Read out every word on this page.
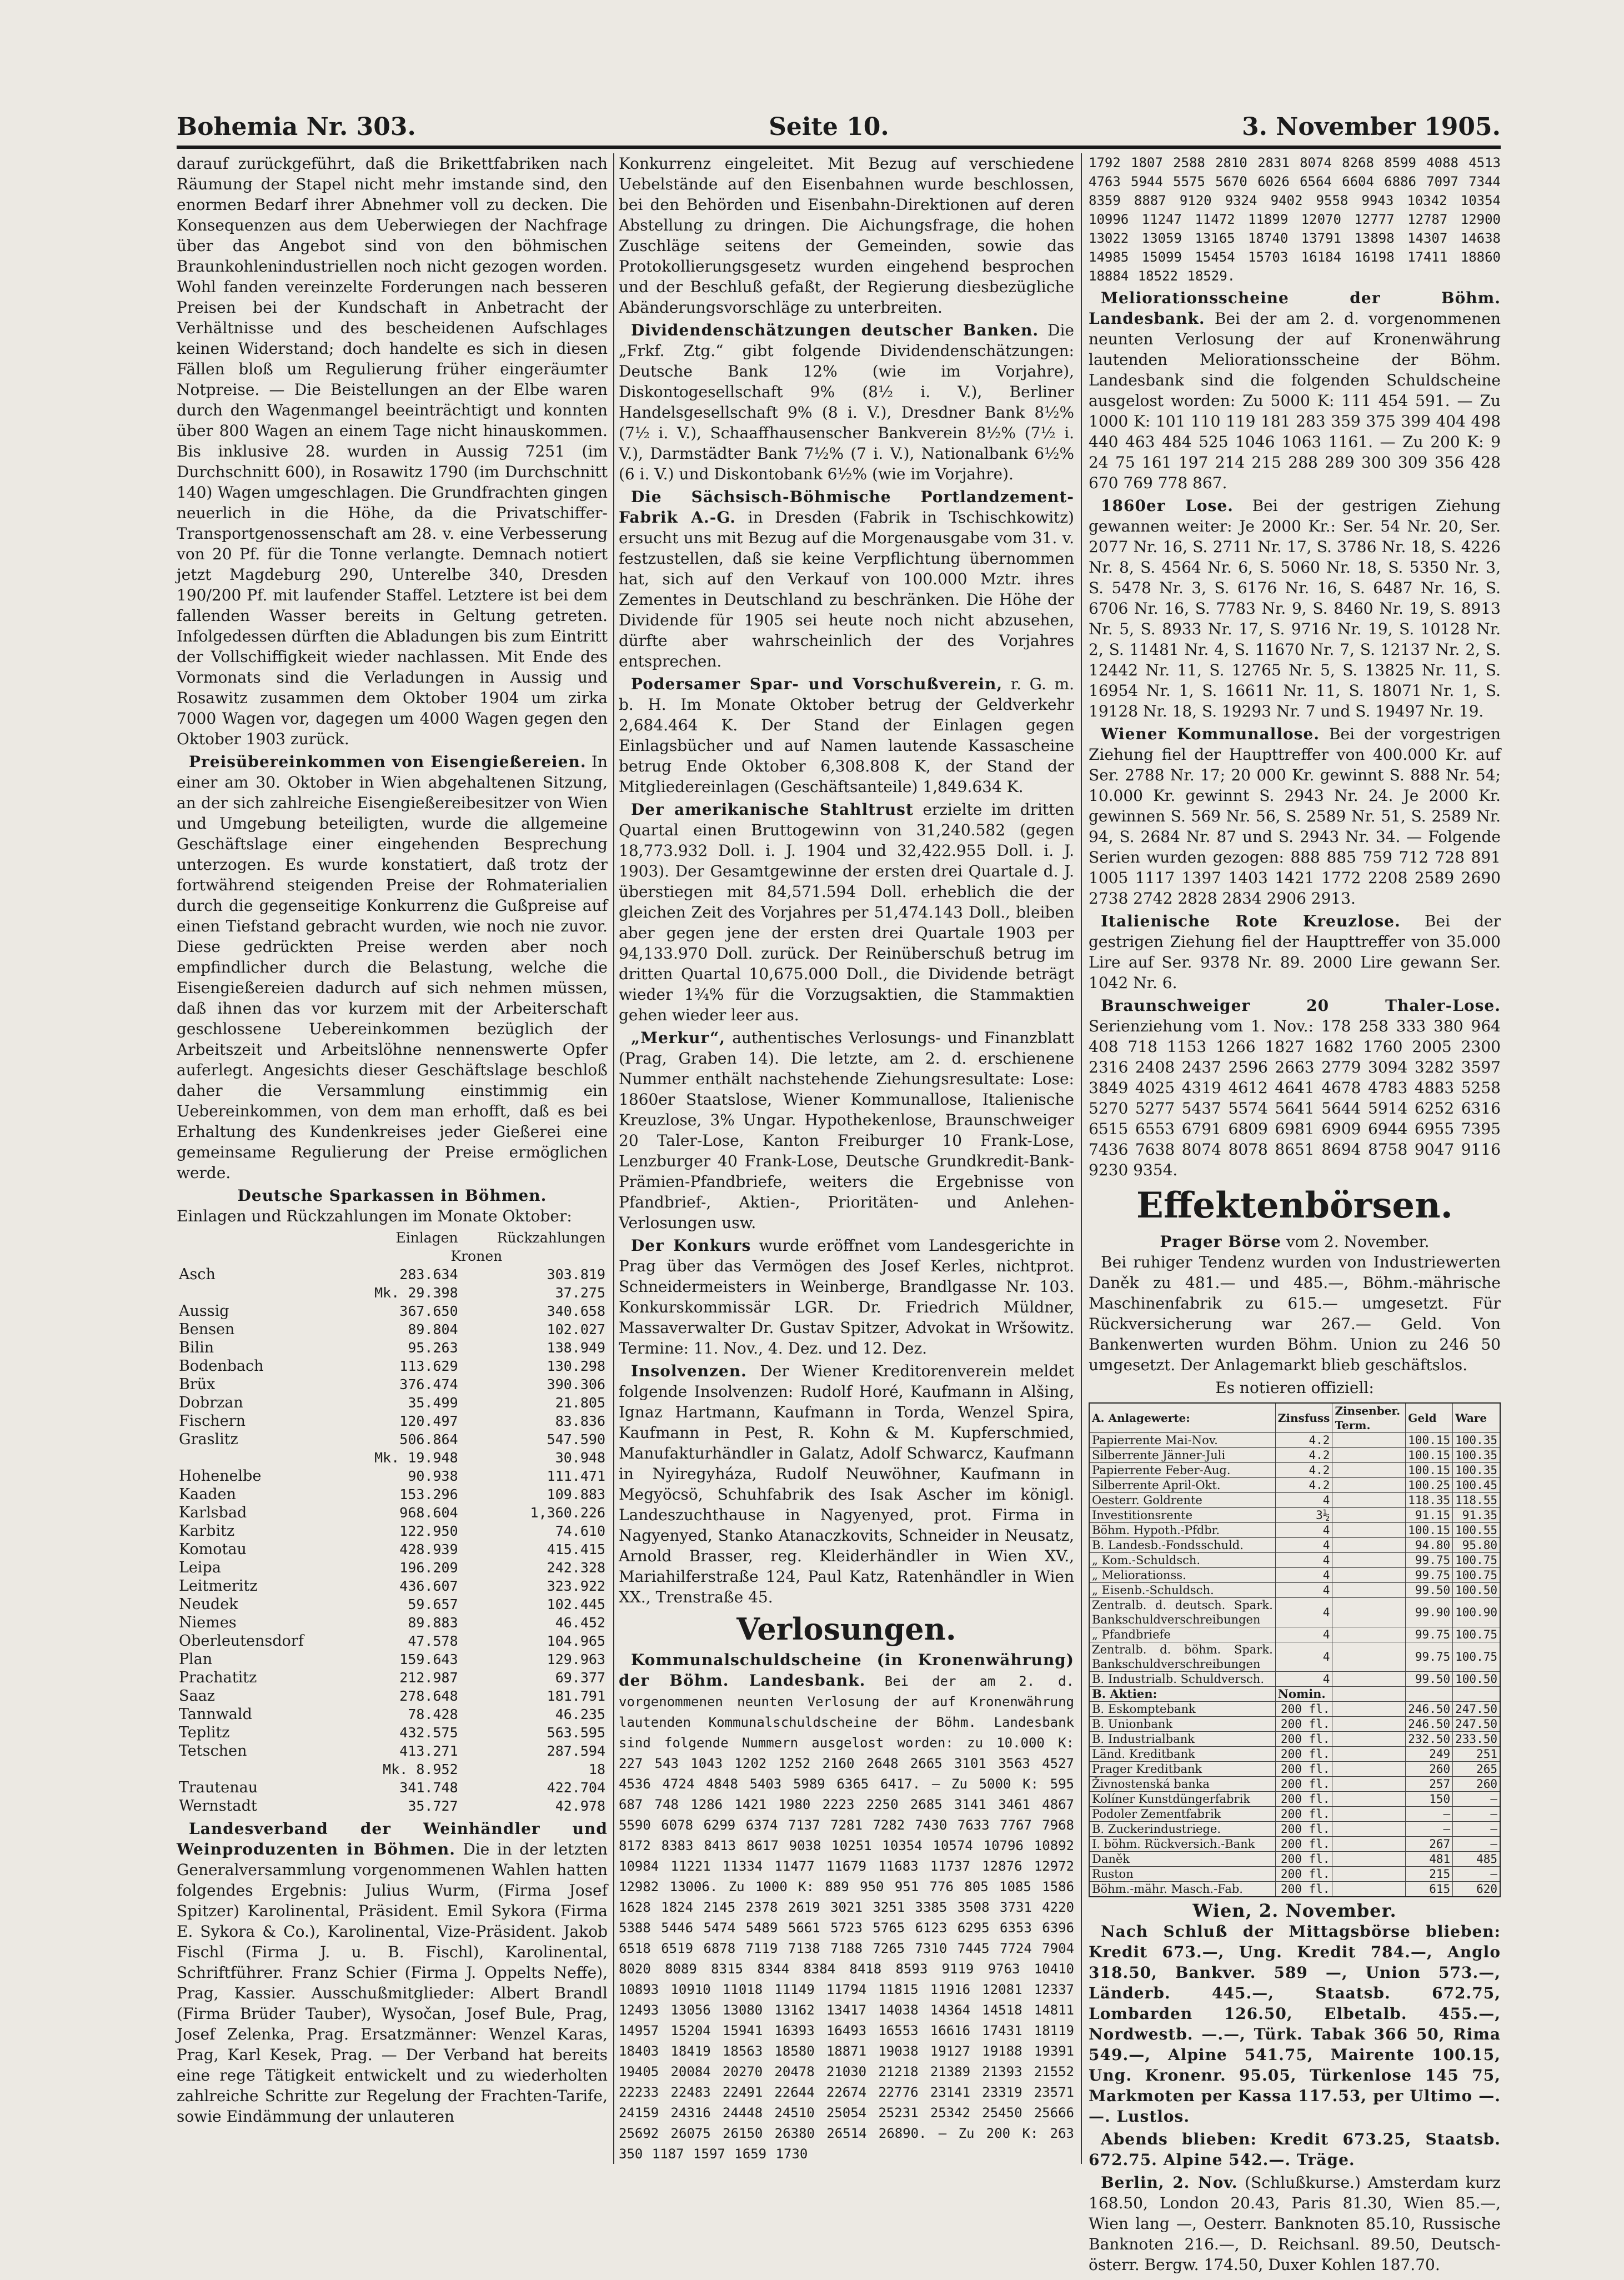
Bohemia Nr. 303.	Seite 10.	3. November 1905.

darauf zurückgeführt, daß die Brikettfabriken nach Räumung der Stapel nicht mehr imstande sind, den enormen Bedarf ihrer Abnehmer voll zu decken. Die Konsequenzen aus dem Ueberwiegen der Nachfrage über das Angebot sind von den böhmischen Braunkohlenindustriellen noch nicht gezogen worden. Wohl fanden vereinzelte Forderungen nach besseren Preisen bei der Kundschaft in Anbetracht der Verhältnisse und des bescheidenen Aufschlages keinen Widerstand; doch handelte es sich in diesen Fällen bloß um Regulierung früher eingeräumter Notpreise. — Die Beistellungen an der Elbe waren durch den Wagenmangel beeinträchtigt und konnten über 800 Wagen an einem Tage nicht hinauskommen. Bis inklusive 28. wurden in Aussig 7251 (im Durchschnitt 600), in Rosawitz 1790 (im Durchschnitt 140) Wagen umgeschlagen. Die Grundfrachten gingen neuerlich in die Höhe, da die Privatschiffer-Transportgenossenschaft am 28. v. eine Verbesserung von 20 Pf. für die Tonne verlangte. Demnach notiert jetzt Magdeburg 290, Unterelbe 340, Dresden 190/200 Pf. mit laufender Staffel. Letztere ist bei dem fallenden Wasser bereits in Geltung getreten. Infolgedessen dürften die Abladungen bis zum Eintritt der Vollschiffigkeit wieder nachlassen. Mit Ende des Vormonats sind die Verladungen in Aussig und Rosawitz zusammen dem Oktober 1904 um zirka 7000 Wagen vor, dagegen um 4000 Wagen gegen den Oktober 1903 zurück.

Preisübereinkommen von Eisengießereien. In einer am 30. Oktober in Wien abgehaltenen Sitzung, an der sich zahlreiche Eisengießereibesitzer von Wien und Umgebung beteiligten, wurde die allgemeine Geschäftslage einer eingehenden Besprechung unterzogen. Es wurde konstatiert, daß trotz der fortwährend steigenden Preise der Rohmaterialien durch die gegenseitige Konkurrenz die Gußpreise auf einen Tiefstand gebracht wurden, wie noch nie zuvor. Diese gedrückten Preise werden aber noch empfindlicher durch die Belastung, welche die Eisengießereien dadurch auf sich nehmen müssen, daß ihnen das vor kurzem mit der Arbeiterschaft geschlossene Uebereinkommen bezüglich der Arbeitszeit und Arbeitslöhne nennenswerte Opfer auferlegt. Angesichts dieser Geschäftslage beschloß daher die Versammlung einstimmig ein Uebereinkommen, von dem man erhofft, daß es bei Erhaltung des Kundenkreises jeder Gießerei eine gemeinsame Regulierung der Preise ermöglichen werde.

Deutsche Sparkassen in Böhmen.

Einlagen und Rückzahlungen im Monate Oktober:

	Einlagen	Rückzahlungen
	Kronen	
Asch	283.634	303.819
	Mk. 29.398	37.275
Aussig	367.650	340.658
Bensen	89.804	102.027
Bilin	95.263	138.949
Bodenbach	113.629	130.298
Brüx	376.474	390.306
Dobrzan	35.499	21.805
Fischern	120.497	83.836
Graslitz	506.864	547.590
	Mk. 19.948	30.948
Hohenelbe	90.938	111.471
Kaaden	153.296	109.883
Karlsbad	968.604	1,360.226
Karbitz	122.950	74.610
Komotau	428.939	415.415
Leipa	196.209	242.328
Leitmeritz	436.607	323.922
Neudek	59.657	102.445
Niemes	89.883	46.452
Oberleutensdorf	47.578	104.965
Plan	159.643	129.963
Prachatitz	212.987	69.377
Saaz	278.648	181.791
Tannwald	78.428	46.235
Teplitz	432.575	563.595
Tetschen	413.271	287.594
	Mk. 8.952	18
Trautenau	341.748	422.704
Wernstadt	35.727	42.978

Landesverband der Weinhändler und Weinproduzenten in Böhmen. Die in der letzten Generalversammlung vorgenommenen Wahlen hatten folgendes Ergebnis: Julius Wurm, (Firma Josef Spitzer) Karolinental, Präsident. Emil Sykora (Firma E. Sykora & Co.), Karolinental, Vize-Präsident. Jakob Fischl (Firma J. u. B. Fischl), Karolinental, Schriftführer. Franz Schier (Firma J. Oppelts Neffe), Prag, Kassier. Ausschußmitglieder: Albert Brandl (Firma Brüder Tauber), Wysočan, Josef Bule, Prag, Josef Zelenka, Prag. Ersatzmänner: Wenzel Karas, Prag, Karl Kesek, Prag. — Der Verband hat bereits eine rege Tätigkeit entwickelt und zu wiederholten zahlreiche Schritte zur Regelung der Frachten-Tarife, sowie Eindämmung der unlauteren

Konkurrenz eingeleitet. Mit Bezug auf verschiedene Uebelstände auf den Eisenbahnen wurde beschlossen, bei den Behörden und Eisenbahn-Direktionen auf deren Abstellung zu dringen. Die Aichungsfrage, die hohen Zuschläge seitens der Gemeinden, sowie das Protokollierungsgesetz wurden eingehend besprochen und der Beschluß gefaßt, der Regierung diesbezügliche Abänderungsvorschläge zu unterbreiten.

Dividendenschätzungen deutscher Banken. Die „Frkf. Ztg.“ gibt folgende Dividendenschätzungen: Deutsche Bank 12% (wie im Vorjahre), Diskontogesellschaft 9% (8½ i. V.), Berliner Handelsgesellschaft 9% (8 i. V.), Dresdner Bank 8½% (7½ i. V.), Schaaffhausenscher Bankverein 8½% (7½ i. V.), Darmstädter Bank 7½% (7 i. V.), Nationalbank 6½% (6 i. V.) und Diskontobank 6½% (wie im Vorjahre).

Die Sächsisch-Böhmische Portlandzement-Fabrik A.-G. in Dresden (Fabrik in Tschischkowitz) ersucht uns mit Bezug auf die Morgenausgabe vom 31. v. festzustellen, daß sie keine Verpflichtung übernommen hat, sich auf den Verkauf von 100.000 Mztr. ihres Zementes in Deutschland zu beschränken. Die Höhe der Dividende für 1905 sei heute noch nicht abzusehen, dürfte aber wahrscheinlich der des Vorjahres entsprechen.

Podersamer Spar- und Vorschußverein, r. G. m. b. H. Im Monate Oktober betrug der Geldverkehr 2,684.464 K. Der Stand der Einlagen gegen Einlagsbücher und auf Namen lautende Kassascheine betrug Ende Oktober 6,308.808 K, der Stand der Mitgliedereinlagen (Geschäftsanteile) 1,849.634 K.

Der amerikanische Stahltrust erzielte im dritten Quartal einen Bruttogewinn von 31,240.582 (gegen 18,773.932 Doll. i. J. 1904 und 32,422.955 Doll. i. J. 1903). Der Gesamtgewinne der ersten drei Quartale d. J. überstiegen mit 84,571.594 Doll. erheblich die der gleichen Zeit des Vorjahres per 51,474.143 Doll., bleiben aber gegen jene der ersten drei Quartale 1903 per 94,133.970 Doll. zurück. Der Reinüberschuß betrug im dritten Quartal 10,675.000 Doll., die Dividende beträgt wieder 1¾% für die Vorzugsaktien, die Stammaktien gehen wieder leer aus.

„Merkur“, authentisches Verlosungs- und Finanzblatt (Prag, Graben 14). Die letzte, am 2. d. erschienene Nummer enthält nachstehende Ziehungsresultate: Lose: 1860er Staatslose, Wiener Kommunallose, Italienische Kreuzlose, 3% Ungar. Hypothekenlose, Braunschweiger 20 Taler-Lose, Kanton Freiburger 10 Frank-Lose, Lenzburger 40 Frank-Lose, Deutsche Grundkredit-Bank-Prämien-Pfandbriefe, weiters die Ergebnisse von Pfandbrief-, Aktien-, Prioritäten- und Anlehen-Verlosungen usw.

Der Konkurs wurde eröffnet vom Landesgerichte in Prag über das Vermögen des Josef Kerles, nichtprot. Schneidermeisters in Weinberge, Brandlgasse Nr. 103. Konkurskommissär LGR. Dr. Friedrich Müldner, Massaverwalter Dr. Gustav Spitzer, Advokat in Wršowitz. Termine: 11. Nov., 4. Dez. und 12. Dez.

Insolvenzen. Der Wiener Kreditorenverein meldet folgende Insolvenzen: Rudolf Horé, Kaufmann in Alšing, Ignaz Hartmann, Kaufmann in Torda, Wenzel Spira, Kaufmann in Pest, R. Kohn & M. Kupferschmied, Manufakturhändler in Galatz, Adolf Schwarcz, Kaufmann in Nyiregyháza, Rudolf Neuwöhner, Kaufmann in Megyöcsö, Schuhfabrik des Isak Ascher im königl. Landeszuchthause in Nagyenyed, prot. Firma in Nagyenyed, Stanko Atanaczkovits, Schneider in Neusatz, Arnold Brasser, reg. Kleiderhändler in Wien XV., Mariahilferstraße 124, Paul Katz, Ratenhändler in Wien XX., Trenstraße 45.

Verlosungen.

Kommunalschuldscheine (in Kronenwährung) der Böhm. Landesbank. Bei der am 2. d. vorgenommenen neunten Verlosung der auf Kronenwährung lautenden Kommunalschuldscheine der Böhm. Landesbank sind folgende Nummern ausgelost worden: zu 10.000 K: 227 543 1043 1202 1252 2160 2648 2665 3101 3563 4527 4536 4724 4848 5403 5989 6365 6417. — Zu 5000 K: 595 687 748 1286 1421 1980 2223 2250 2685 3141 3461 4867 5590 6078 6299 6374 7137 7281 7282 7430 7633 7767 7968 8172 8383 8413 8617 9038 10251 10354 10574 10796 10892 10984 11221 11334 11477 11679 11683 11737 12876 12972 12982 13006. Zu 1000 K: 889 950 951 776 805 1085 1586 1628 1824 2145 2378 2619 3021 3251 3385 3508 3731 4220 5388 5446 5474 5489 5661 5723 5765 6123 6295 6353 6396 6518 6519 6878 7119 7138 7188 7265 7310 7445 7724 7904 8020 8089 8315 8344 8384 8418 8593 9119 9763 10410 10893 10910 11018 11149 11794 11815 11916 12081 12337 12493 13056 13080 13162 13417 14038 14364 14518 14811 14957 15204 15941 16393 16493 16553 16616 17431 18119 18403 18419 18563 18580 18871 19038 19127 19188 19391 19405 20084 20270 20478 21030 21218 21389 21393 21552 22233 22483 22491 22644 22674 22776 23141 23319 23571 24159 24316 24448 24510 25054 25231 25342 25450 25666 25692 26075 26150 26380 26514 26890. — Zu 200 K: 263 350 1187 1597 1659 1730

1792 1807 2588 2810 2831 8074 8268 8599 4088 4513 4763 5944 5575 5670 6026 6564 6604 6886 7097 7344 8359 8887 9120 9324 9402 9558 9943 10342 10354 10996 11247 11472 11899 12070 12777 12787 12900 13022 13059 13165 18740 13791 13898 14307 14638 14985 15099 15454 15703 16184 16198 17411 18860 18884 18522 18529.

Meliorationsscheine der Böhm. Landesbank. Bei der am 2. d. vorgenommenen neunten Verlosung der auf Kronenwährung lautenden Meliorationsscheine der Böhm. Landesbank sind die folgenden Schuldscheine ausgelost worden: Zu 5000 K: 111 454 591. — Zu 1000 K: 101 110 119 181 283 359 375 399 404 498 440 463 484 525 1046 1063 1161. — Zu 200 K: 9 24 75 161 197 214 215 288 289 300 309 356 428 670 769 778 867.

1860er Lose. Bei der gestrigen Ziehung gewannen weiter: Je 2000 Kr.: Ser. 54 Nr. 20, Ser. 2077 Nr. 16, S. 2711 Nr. 17, S. 3786 Nr. 18, S. 4226 Nr. 8, S. 4564 Nr. 6, S. 5060 Nr. 18, S. 5350 Nr. 3, S. 5478 Nr. 3, S. 6176 Nr. 16, S. 6487 Nr. 16, S. 6706 Nr. 16, S. 7783 Nr. 9, S. 8460 Nr. 19, S. 8913 Nr. 5, S. 8933 Nr. 17, S. 9716 Nr. 19, S. 10128 Nr. 2, S. 11481 Nr. 4, S. 11670 Nr. 7, S. 12137 Nr. 2, S. 12442 Nr. 11, S. 12765 Nr. 5, S. 13825 Nr. 11, S. 16954 Nr. 1, S. 16611 Nr. 11, S. 18071 Nr. 1, S. 19128 Nr. 18, S. 19293 Nr. 7 und S. 19497 Nr. 19.

Wiener Kommunallose. Bei der vorgestrigen Ziehung fiel der Haupttreffer von 400.000 Kr. auf Ser. 2788 Nr. 17; 20 000 Kr. gewinnt S. 888 Nr. 54; 10.000 Kr. gewinnt S. 2943 Nr. 24. Je 2000 Kr. gewinnen S. 569 Nr. 56, S. 2589 Nr. 51, S. 2589 Nr. 94, S. 2684 Nr. 87 und S. 2943 Nr. 34. — Folgende Serien wurden gezogen: 888 885 759 712 728 891 1005 1117 1397 1403 1421 1772 2208 2589 2690 2738 2742 2828 2834 2906 2913.

Italienische Rote Kreuzlose. Bei der gestrigen Ziehung fiel der Haupttreffer von 35.000 Lire auf Ser. 9378 Nr. 89. 2000 Lire gewann Ser. 1042 Nr. 6.

Braunschweiger 20 Thaler-Lose. Serienziehung vom 1. Nov.: 178 258 333 380 964 408 718 1153 1266 1827 1682 1760 2005 2300 2316 2408 2437 2596 2663 2779 3094 3282 3597 3849 4025 4319 4612 4641 4678 4783 4883 5258 5270 5277 5437 5574 5641 5644 5914 6252 6316 6515 6553 6791 6809 6981 6909 6944 6955 7395 7436 7638 8074 8078 8651 8694 8758 9047 9116 9230 9354.

Effektenbörsen.
Prager Börse vom 2. November.

Bei ruhiger Tendenz wurden von Industriewerten Daněk zu 481.— und 485.—, Böhm.-mährische Maschinenfabrik zu 615.— umgesetzt. Für Rückversicherung war 267.— Geld. Von Bankenwerten wurden Böhm. Union zu 246 50 umgesetzt. Der Anlagemarkt blieb geschäftslos.

Es notieren offiziell:
A. Anlagewerte:	Zinsfuss	Zinsenber. Term.	Geld	Ware
Papierrente Mai-Nov.	4.2		100.15	100.35
Silberrente Jänner-Juli	4.2		100.15	100.35
Papierrente Feber-Aug.	4.2		100.15	100.35
Silberrente April-Okt.	4.2		100.25	100.45
Oesterr. Goldrente	4		118.35	118.55
Investitionsrente	3½		91.15	91.35
Böhm. Hypoth.-Pfdbr.	4		100.15	100.55
B. Landesb.-Fondsschuld.	4		94.80	95.80
„ Kom.-Schuldsch.	4		99.75	100.75
„ Meliorationss.	4		99.75	100.75
„ Eisenb.-Schuldsch.	4		99.50	100.50
Zentralb. d. deutsch. Spark. Bankschuldverschreibungen	4		99.90	100.90
„ Pfandbriefe	4		99.75	100.75
Zentralb. d. böhm. Spark. Bankschuldverschreibungen	4		99.75	100.75
B. Industrialb. Schuldversch.	4		99.50	100.50
B. Aktien:	Nomin.			
B. Eskomptebank	200 fl.		246.50	247.50
B. Unionbank	200 fl.		246.50	247.50
B. Industrialbank	200 fl.		232.50	233.50
Länd. Kreditbank	200 fl.		249	251
Prager Kreditbank	200 fl.		260	265
Živnostenská banka	200 fl.		257	260
Kolíner Kunstdüngerfabrik	200 fl.		150	—
Podoler Zementfabrik	200 fl.		—	—
B. Zuckerindustriege.	200 fl.		—	—
I. böhm. Rückversich.-Bank	200 fl.		267	—
Daněk	200 fl.		481	485
Ruston	200 fl.		215	—
Böhm.-mähr. Masch.-Fab.	200 fl.		615	620
Wien, 2. November.

Nach Schluß der Mittagsbörse blieben: Kredit 673.—, Ung. Kredit 784.—, Anglo 318.50, Bankver. 589 —, Union 573.—, Länderb. 445.—, Staatsb. 672.75, Lombarden 126.50, Elbetalb. 455.—, Nordwestb. —.—, Türk. Tabak 366 50, Rima 549.—, Alpine 541.75, Mairente 100.15, Ung. Kronenr. 95.05, Türkenlose 145 75, Markmoten per Kassa 117.53, per Ultimo —.—. Lustlos.

Abends blieben: Kredit 673.25, Staatsb. 672.75. Alpine 542.—. Träge.

Berlin, 2. Nov. (Schlußkurse.) Amsterdam kurz 168.50, London 20.43, Paris 81.30, Wien 85.—, Wien lang —, Oesterr. Banknoten 85.10, Russische Banknoten 216.—, D. Reichsanl. 89.50, Deutsch-österr. Bergw. 174.50, Duxer Kohlen 187.70.
